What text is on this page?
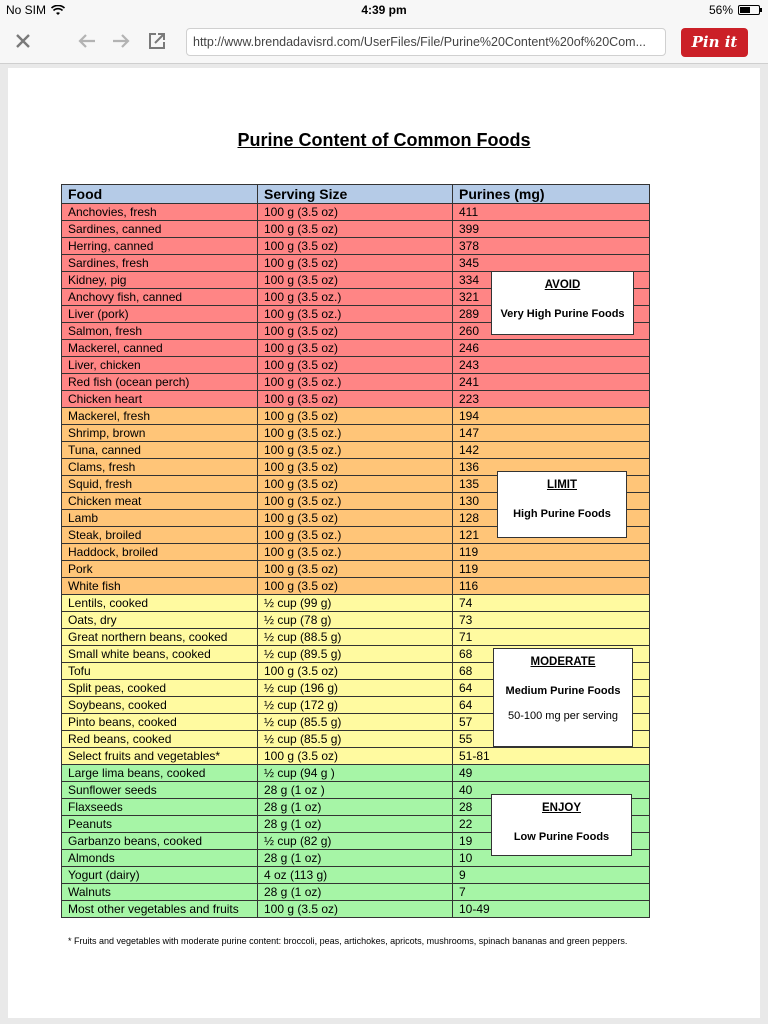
No SIM	4:39 pm	56%
http://www.brendadavisrd.com/UserFiles/File/Purine%20Content%20of%20Com...	Pin it
Purine Content of Common Foods
Food	Serving Size	Purines (mg)
Anchovies, fresh	100 g (3.5 oz)	411
Sardines, canned	100 g (3.5 oz)	399
Herring, canned	100 g (3.5 oz)	378
Sardines, fresh	100 g (3.5 oz)	345
Kidney, pig	100 g (3.5 oz)	334
Anchovy fish, canned	100 g (3.5 oz.)	321
Liver (pork)	100 g (3.5 oz.)	289
Salmon, fresh	100 g (3.5 oz)	260
Mackerel, canned	100 g (3.5 oz)	246
Liver, chicken	100 g (3.5 oz)	243
Red fish (ocean perch)	100 g (3.5 oz.)	241
Chicken heart	100 g (3.5 oz)	223
Mackerel, fresh	100 g (3.5 oz)	194
Shrimp, brown	100 g (3.5 oz.)	147
Tuna, canned	100 g (3.5 oz.)	142
Clams, fresh	100 g (3.5 oz)	136
Squid, fresh	100 g (3.5 oz)	135
Chicken meat	100 g (3.5 oz.)	130
Lamb	100 g (3.5 oz)	128
Steak, broiled	100 g (3.5 oz.)	121
Haddock, broiled	100 g (3.5 oz.)	119
Pork	100 g (3.5 oz)	119
White fish	100 g (3.5 oz)	116
Lentils, cooked	½ cup (99 g)	74
Oats, dry	½ cup (78 g)	73
Great northern beans, cooked	½ cup (88.5 g)	71
Small white beans, cooked	½ cup (89.5 g)	68
Tofu	100 g (3.5 oz)	68
Split peas, cooked	½ cup (196 g)	64
Soybeans, cooked	½ cup (172 g)	64
Pinto beans, cooked	½ cup (85.5 g)	57
Red beans, cooked	½ cup (85.5 g)	55
Select fruits and vegetables*	100 g (3.5 oz)	51-81
Large lima beans, cooked	½ cup (94 g )	49
Sunflower seeds	28 g (1 oz )	40
Flaxseeds	28 g (1 oz)	28
Peanuts	28 g (1 oz)	22
Garbanzo beans, cooked	½ cup (82 g)	19
Almonds	28 g (1 oz)	10
Yogurt (dairy)	4 oz (113 g)	9
Walnuts	28 g (1 oz)	7
Most other vegetables and fruits	100 g (3.5 oz)	10-49
AVOID
Very High Purine Foods
LIMIT
High Purine Foods
MODERATE
Medium Purine Foods
50-100 mg per serving
ENJOY
Low Purine Foods
* Fruits and vegetables with moderate purine content: broccoli, peas, artichokes, apricots, mushrooms, spinach bananas and green peppers.
